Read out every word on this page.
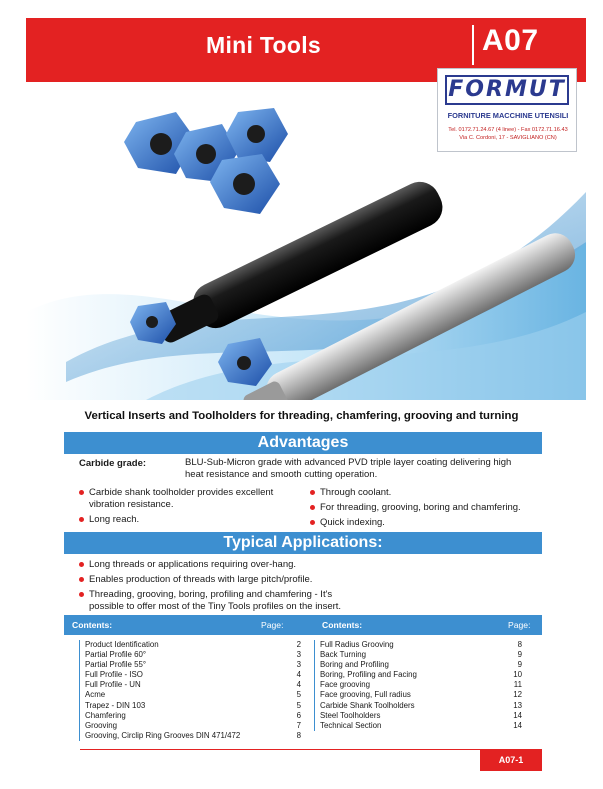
Mini Tools	A07
FORMUT
FORNITURE MACCHINE UTENSILI
Tel. 0172.71.24.67 (4 linee) - Fax 0172.71.16.43
Via C. Cordoni, 17 - SAVIGLIANO (CN)
Vertical Inserts and Toolholders for threading, chamfering, grooving and turning
Advantages
Carbide grade:	BLU-Sub-Micron grade with advanced PVD triple layer coating delivering high heat resistance and smooth cutting operation.
Carbide shank toolholder provides excellent vibration resistance.
Long reach.
Through coolant.
For threading, grooving, boring and chamfering.
Quick indexing.
Typical Applications:
Long threads or applications requiring over-hang.
Enables production of threads with large pitch/profile.
Threading, grooving, boring, profiling and chamfering - It's possible to offer most of the Tiny Tools profiles on the insert.
Contents:	Page:	Contents:	Page:
Product Identification	2
Partial Profile 60°	3
Partial Profile 55°	3
Full Profile - ISO	4
Full Profile - UN	4
Acme	5
Trapez - DIN 103	5
Chamfering	6
Grooving	7
Grooving, Circlip Ring Grooves DIN 471/472	8
Full Radius Grooving	8
Back Turning	9
Boring and Profiling	9
Boring, Profiling and Facing	10
Face grooving	11
Face grooving, Full radius	12
Carbide Shank Toolholders	13
Steel Toolholders	14
Technical Section	14
A07-1
